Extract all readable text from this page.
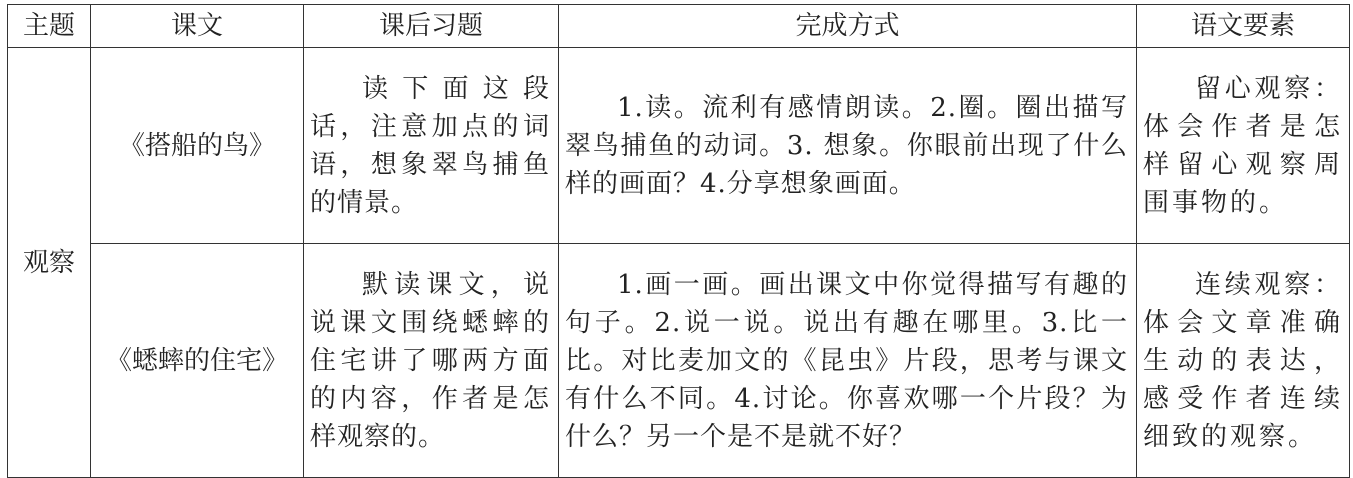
主题	课文	课后习题	完成方式	语文要素
观察	《搭船的鸟》	读下面这段话，注意加点的词语，想象翠鸟捕鱼的情景。	1.读。流利有感情朗读。2.圈。圈出描写翠鸟捕鱼的动词。3. 想象。你眼前出现了什么样的画面？4.分享想象画面。	留心观察：体会作者是怎样留心观察周围事物的。
	《蟋蟀的住宅》	默读课文，说说课文围绕蟋蟀的住宅讲了哪两方面的内容，作者是怎样观察的。	1.画一画。画出课文中你觉得描写有趣的句子。2.说一说。说出有趣在哪里。3.比一比。对比麦加文的《昆虫》片段，思考与课文有什么不同。4.讨论。你喜欢哪一个片段？为什么？另一个是不是就不好？	连续观察：体会文章准确生动的表达，感受作者连续细致的观察。
